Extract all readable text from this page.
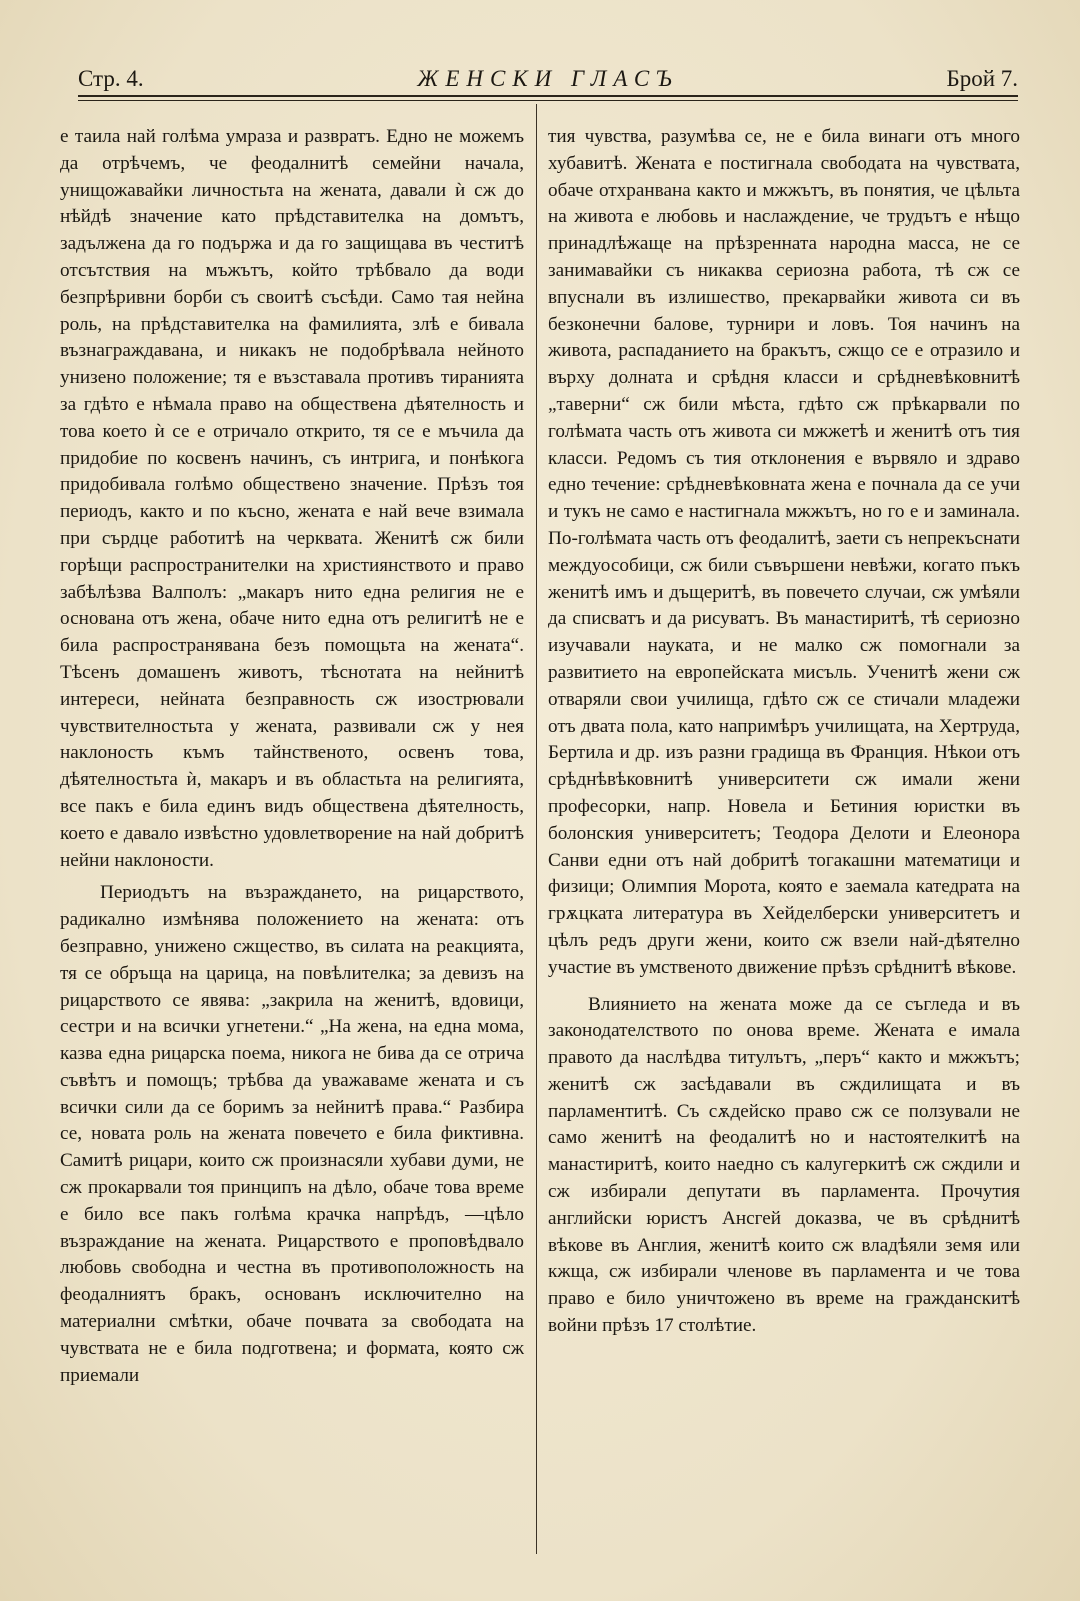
Стр. 4.	ЖЕНСКИ ГЛАСЪ	Брой 7.

е таила най голѣма умраза и развратъ. Едно не можемъ да отрѣчемъ, че феодалнитѣ семейни начала, унищожавайки личностьта на жената, давали ѝ сж до нѣйдѣ значение като прѣдставителка на домътъ, задължена да го подържа и да го защищава въ честитѣ отсътствия на мъжътъ, който трѣбвало да води безпрѣривни борби съ своитѣ съсѣди. Само тая нейна роль, на прѣдставителка на фамилията, злѣ е бивала възнаграждавана, и никакъ не подобрѣвала нейното унизено положение; тя е възставала противъ тиранията за гдѣто е нѣмала право на обществена дѣятелность и това което ѝ се е отричало открито, тя се е мъчила да придобие по косвенъ начинъ, съ интрига, и понѣкога придобивала голѣмо обществено значение. Прѣзъ тоя периодъ, както и по късно, жената е най вече взимала при сърдце работитѣ на черквата. Женитѣ сж били горѣщи распространителки на християнството и право забѣлѣзва Валполъ: „макаръ нито една религия не е основана отъ жена, обаче нито една отъ религитѣ не е била распространявана безъ помощьта на жената“. Тѣсенъ домашенъ животъ, тѣснотата на нейнитѣ интереси, нейната безправность сж изострювали чувствителностьта у жената, развивали сж у нея наклоность къмъ тайнственото, освенъ това, дѣятелностьта ѝ, макаръ и въ областьта на религията, все пакъ е била единъ видъ обществена дѣятелность, което е давало извѣстно удовлетворение на най добритѣ нейни наклоности.

Периодътъ на възраждането, на рицарството, радикално измѣнява положението на жената: отъ безправно, унижено сжщество, въ силата на реакцията, тя се обръща на царица, на повѣлителка; за девизъ на рицарството се явява: „закрила на женитѣ, вдовици, сестри и на всички угнетени.“ „На жена, на една мома, казва една рицарска поема, никога не бива да се отрича съвѣтъ и помощъ; трѣбва да уважаваме жената и съ всички сили да се боримъ за нейнитѣ права.“ Разбира се, новата роль на жената повечето е била фиктивна. Самитѣ рицари, които сж произнасяли хубави думи, не сж прокарвали тоя принципъ на дѣло, обаче това време е било все пакъ голѣма крачка напрѣдъ, —цѣло възраждание на жената. Рицарството е проповѣдвало любовь свободна и честна въ противоположность на феодалниятъ бракъ, основанъ исключително на материални смѣтки, обаче почвата за свободата на чувствата не е била подготвена; и формата, която сж приемали

тия чувства, разумѣва се, не е била винаги отъ много хубавитѣ. Жената е постигнала свободата на чувствата, обаче отхранвана както и мжжътъ, въ понятия, че цѣльта на живота е любовь и наслаждение, че трудътъ е нѣщо принадлѣжаще на прѣзренната народна масса, не се занимавайки съ никаква сериозна работа, тѣ сж се впуснали въ излишество, прекарвайки живота си въ безконечни балове, турнири и ловъ. Тоя начинъ на живота, распаданието на бракътъ, сжщо се е отразило и върху долната и срѣдня класси и срѣдневѣковнитѣ „таверни“ сж били мѣста, гдѣто сж прѣкарвали по голѣмата часть отъ живота си мжжетѣ и женитѣ отъ тия класси. Редомъ съ тия отклонения е вървяло и здраво едно течение: срѣдневѣковната жена е почнала да се учи и тукъ не само е настигнала мжжътъ, но го е и заминала. По-голѣмата часть отъ феодалитѣ, заети съ непрекъснати междуособици, сж били съвършени невѣжи, когато пъкъ женитѣ имъ и дъщеритѣ, въ повечето случаи, сж умѣяли да списватъ и да рисуватъ. Въ манастиритѣ, тѣ сериозно изучавали науката, и не малко сж помогнали за развитието на европейската мисъль. Ученитѣ жени сж отваряли свои училища, гдѣто сж се стичали младежи отъ двата пола, като напримѣръ училищата, на Хертруда, Бертила и др. изъ разни градищa въ Франция. Нѣкои отъ срѣднѣвѣковнитѣ университети сж имали жени професорки, напр. Новела и Бетиния юристки въ болонския университетъ; Теодора Делоти и Елеонора Санви едни отъ най добритѣ тогакашни математици и физици; Олимпия Морота, която е заемала катедрата на грѫцката литература въ Хейделберски университетъ и цѣлъ редъ други жени, които сж взели най-дѣятелно участие въ умственото движение прѣзъ срѣднитѣ вѣкове.

Влиянието на жената може да се съгледа и въ законодателството по онова време. Жената е имала правото да наслѣдва титулътъ, „перъ“ както и мжжътъ; женитѣ сж засѣдавали въ сждилищата и въ парламентитѣ. Съ сѫдейско право сж се ползували не само женитѣ на феодалитѣ но и настоятелкитѣ на манастиритѣ, които наедно съ калугеркитѣ сж сждили и сж избирали депутати въ парламента. Прочутия английски юристъ Ансгей доказва, че въ срѣднитѣ вѣкове въ Англия, женитѣ които сж владѣяли земя или кжща, сж избирали членове въ парламента и че това право е било уничтожено въ време на гражданскитѣ войни прѣзъ 17 столѣтие.
